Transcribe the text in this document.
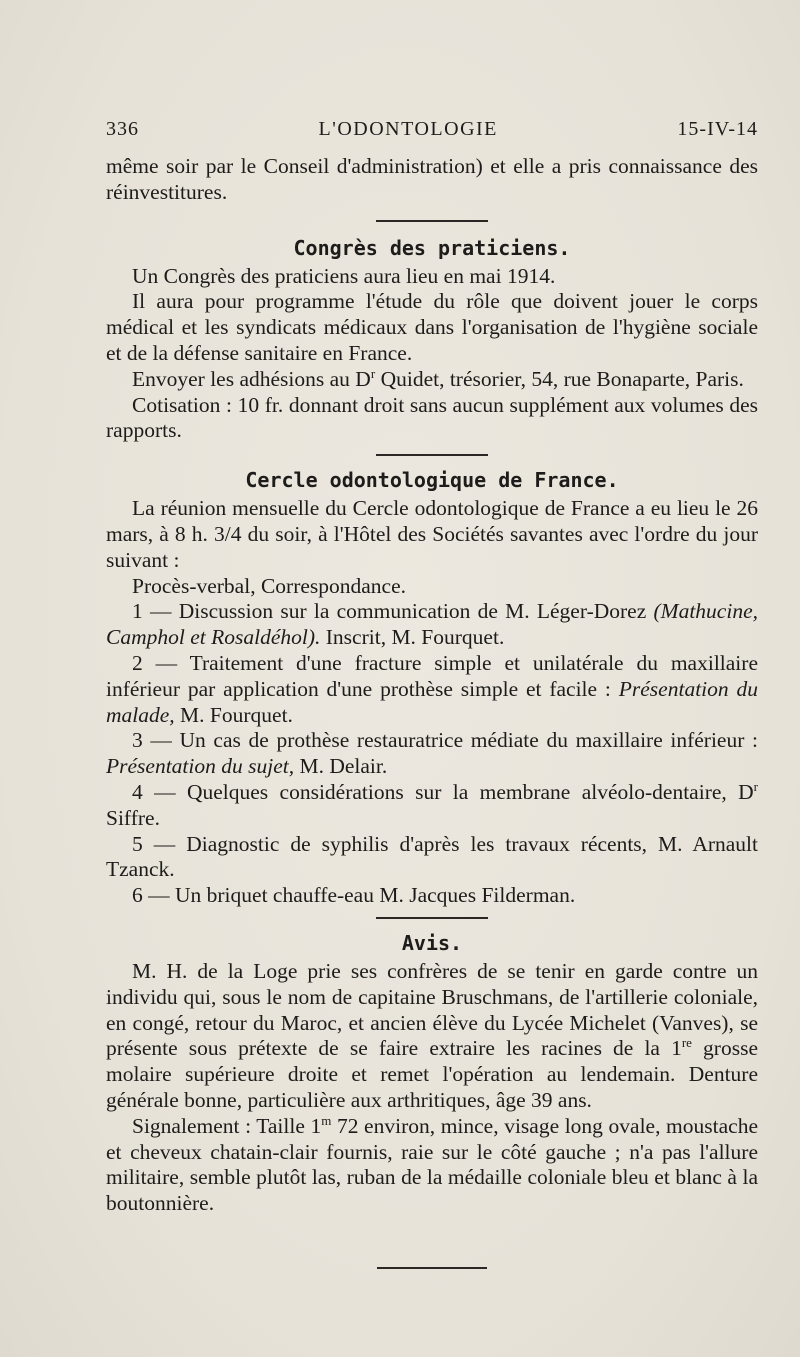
336	L'ODONTOLOGIE	15-IV-14

même soir par le Conseil d'administration) et elle a pris connaissance des réinvestitures.

Congrès des praticiens.

Un Congrès des praticiens aura lieu en mai 1914.

Il aura pour programme l'étude du rôle que doivent jouer le corps médical et les syndicats médicaux dans l'organisation de l'hygiène sociale et de la défense sanitaire en France.

Envoyer les adhésions au $D^r$ Quidet, trésorier, 54, rue Bonaparte, Paris.

Cotisation : 10 fr. donnant droit sans aucun supplément aux volumes des rapports.

Cercle odontologique de France.

La réunion mensuelle du Cercle odontologique de France a eu lieu le 26 mars, à 8 h. 3/4 du soir, à l'Hôtel des Sociétés savantes avec l'ordre du jour suivant :

Procès-verbal, Correspondance.

1 — Discussion sur la communication de M. Léger-Dorez (Mathucine, Camphol et Rosaldéhol). Inscrit, M. Fourquet.

2 — Traitement d'une fracture simple et unilatérale du maxillaire inférieur par application d'une prothèse simple et facile : Présentation du malade, M. Fourquet.

3 — Un cas de prothèse restauratrice médiate du maxillaire inférieur : Présentation du sujet, M. Delair.

4 — Quelques considérations sur la membrane alvéolo-dentaire, $D^r$ Siffre.

5 — Diagnostic de syphilis d'après les travaux récents, M. Arnault Tzanck.

6 — Un briquet chauffe-eau M. Jacques Filderman.

Avis.

M. H. de la Loge prie ses confrères de se tenir en garde contre un individu qui, sous le nom de capitaine Bruschmans, de l'artillerie coloniale, en congé, retour du Maroc, et ancien élève du Lycée Michelet (Vanves), se présente sous prétexte de se faire extraire les racines de la 1re grosse molaire supérieure droite et remet l'opération au lendemain. Denture générale bonne, particulière aux arthritiques, âge 39 ans.

Signalement : Taille 1$^m$ 72 environ, mince, visage long ovale, moustache et cheveux chatain-clair fournis, raie sur le côté gauche ; n'a pas l'allure militaire, semble plutôt las, ruban de la médaille coloniale bleu et blanc à la boutonnière.
